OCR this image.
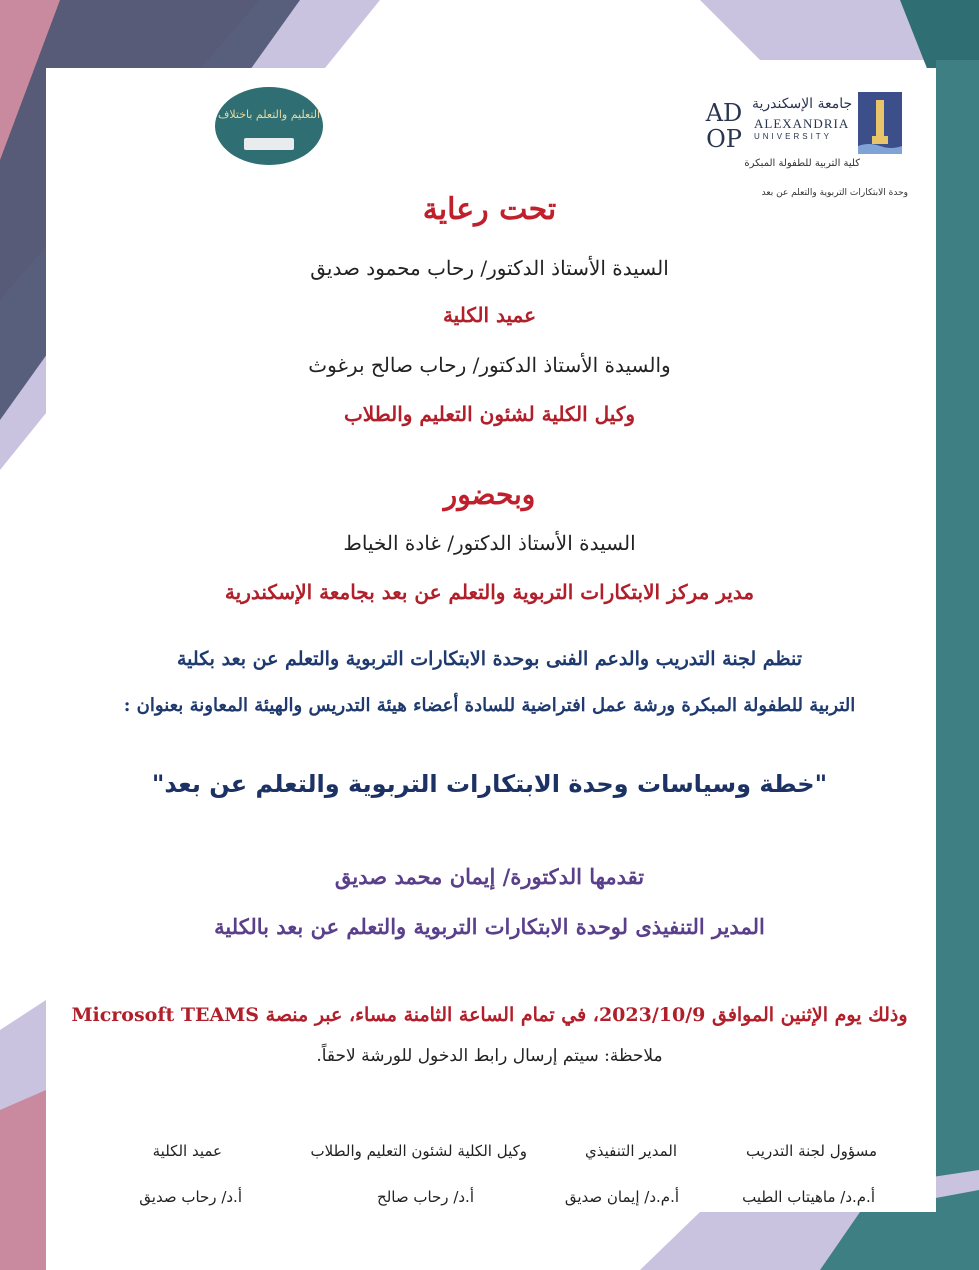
التعليم والتعلم باختلاف	AD
OP
جامعة الإسكندرية
ALEXANDRIA
UNIVERSITY
كلية التربية للطفولة المبكرة
وحدة الابتكارات التربوية والتعلم عن بعد
تحت رعاية
السيدة الأستاذ الدكتور/ رحاب محمود صديق
عميد الكلية
والسيدة الأستاذ الدكتور/ رحاب صالح برغوث
وكيل الكلية لشئون التعليم والطلاب
وبحضور
السيدة الأستاذ الدكتور/ غادة الخياط
مدير مركز الابتكارات التربوية والتعلم عن بعد بجامعة الإسكندرية
تنظم لجنة التدريب والدعم الفنى بوحدة الابتكارات التربوية والتعلم عن بعد بكلية
التربية للطفولة المبكرة ورشة عمل افتراضية للسادة أعضاء هيئة التدريس والهيئة المعاونة بعنوان :
"خطة وسياسات وحدة الابتكارات التربوية والتعلم عن بعد"
تقدمها الدكتورة/ إيمان محمد صديق
المدير التنفيذى لوحدة الابتكارات التربوية والتعلم عن بعد بالكلية
وذلك يوم الإثنين الموافق 2023/10/9، في تمام الساعة الثامنة مساء، عبر منصة Microsoft TEAMS
ملاحظة: سيتم إرسال رابط الدخول للورشة لاحقاً.
مسؤول لجنة التدريب
أ.م.د/ ماهيتاب الطيب
المدير التنفيذي
أ.م.د/ إيمان صديق
وكيل الكلية لشئون التعليم والطلاب
أ.د/ رحاب صالح
عميد الكلية
أ.د/ رحاب صديق
